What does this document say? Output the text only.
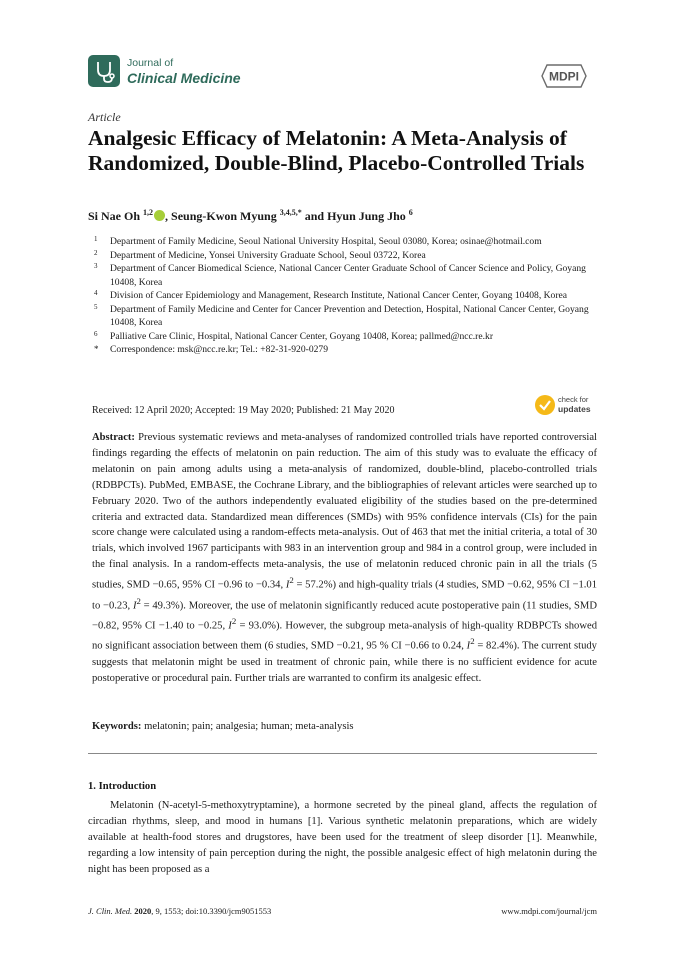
Journal of
Clinical Medicine	MDPI
Article
Analgesic Efficacy of Melatonin: A Meta-Analysis of Randomized, Double-Blind, Placebo-Controlled Trials
Si Nae Oh $^{1,2}$ , Seung-Kwon Myung $^{3,4,5,*}$ and Hyun Jung Jho $^6$
1 Department of Family Medicine, Seoul National University Hospital, Seoul 03080, Korea; osinae@hotmail.com
2 Department of Medicine, Yonsei University Graduate School, Seoul 03722, Korea
3 Department of Cancer Biomedical Science, National Cancer Center Graduate School of Cancer Science and Policy, Goyang 10408, Korea
4 Division of Cancer Epidemiology and Management, Research Institute, National Cancer Center, Goyang 10408, Korea
5 Department of Family Medicine and Center for Cancer Prevention and Detection, Hospital, National Cancer Center, Goyang 10408, Korea
6 Palliative Care Clinic, Hospital, National Cancer Center, Goyang 10408, Korea; pallmed@ncc.re.kr
* Correspondence: msk@ncc.re.kr; Tel.: +82-31-920-0279
Received: 12 April 2020; Accepted: 19 May 2020; Published: 21 May 2020
check for
updates
Abstract: Previous systematic reviews and meta-analyses of randomized controlled trials have reported controversial findings regarding the effects of melatonin on pain reduction. The aim of this study was to evaluate the efficacy of melatonin on pain among adults using a meta-analysis of randomized, double-blind, placebo-controlled trials (RDBPCTs). PubMed, EMBASE, the Cochrane Library, and the bibliographies of relevant articles were searched up to February 2020. Two of the authors independently evaluated eligibility of the studies based on the pre-determined criteria and extracted data. Standardized mean differences (SMDs) with 95% confidence intervals (CIs) for the pain score change were calculated using a random-effects meta-analysis. Out of 463 that met the initial criteria, a total of 30 trials, which involved 1967 participants with 983 in an intervention group and 984 in a control group, were included in the final analysis. In a random-effects meta-analysis, the use of melatonin reduced chronic pain in all the trials (5 studies, SMD −0.65, 95% CI −0.96 to −0.34, $I^2 = 57.2\%$) and high-quality trials (4 studies, SMD −0.62, 95% CI −1.01 to −0.23, $I^2 = 49.3\%$). Moreover, the use of melatonin significantly reduced acute postoperative pain (11 studies, SMD −0.82, 95% CI −1.40 to −0.25, $I^2 = 93.0\%$). However, the subgroup meta-analysis of high-quality RDBPCTs showed no significant association between them (6 studies, SMD −0.21, 95 % CI −0.66 to 0.24, $I^2 = 82.4\%$). The current study suggests that melatonin might be used in treatment of chronic pain, while there is no sufficient evidence for acute postoperative or procedural pain. Further trials are warranted to confirm its analgesic effect.
Keywords: melatonin; pain; analgesia; human; meta-analysis
1. Introduction
Melatonin (N-acetyl-5-methoxytryptamine), a hormone secreted by the pineal gland, affects the regulation of circadian rhythms, sleep, and mood in humans [1]. Various synthetic melatonin preparations, which are widely available at health-food stores and drugstores, have been used for the treatment of sleep disorder [1]. Meanwhile, regarding a low intensity of pain perception during the night, the possible analgesic effect of high melatonin during the night has been proposed as a
J. Clin. Med. 2020, 9, 1553; doi:10.3390/jcm9051553	www.mdpi.com/journal/jcm
